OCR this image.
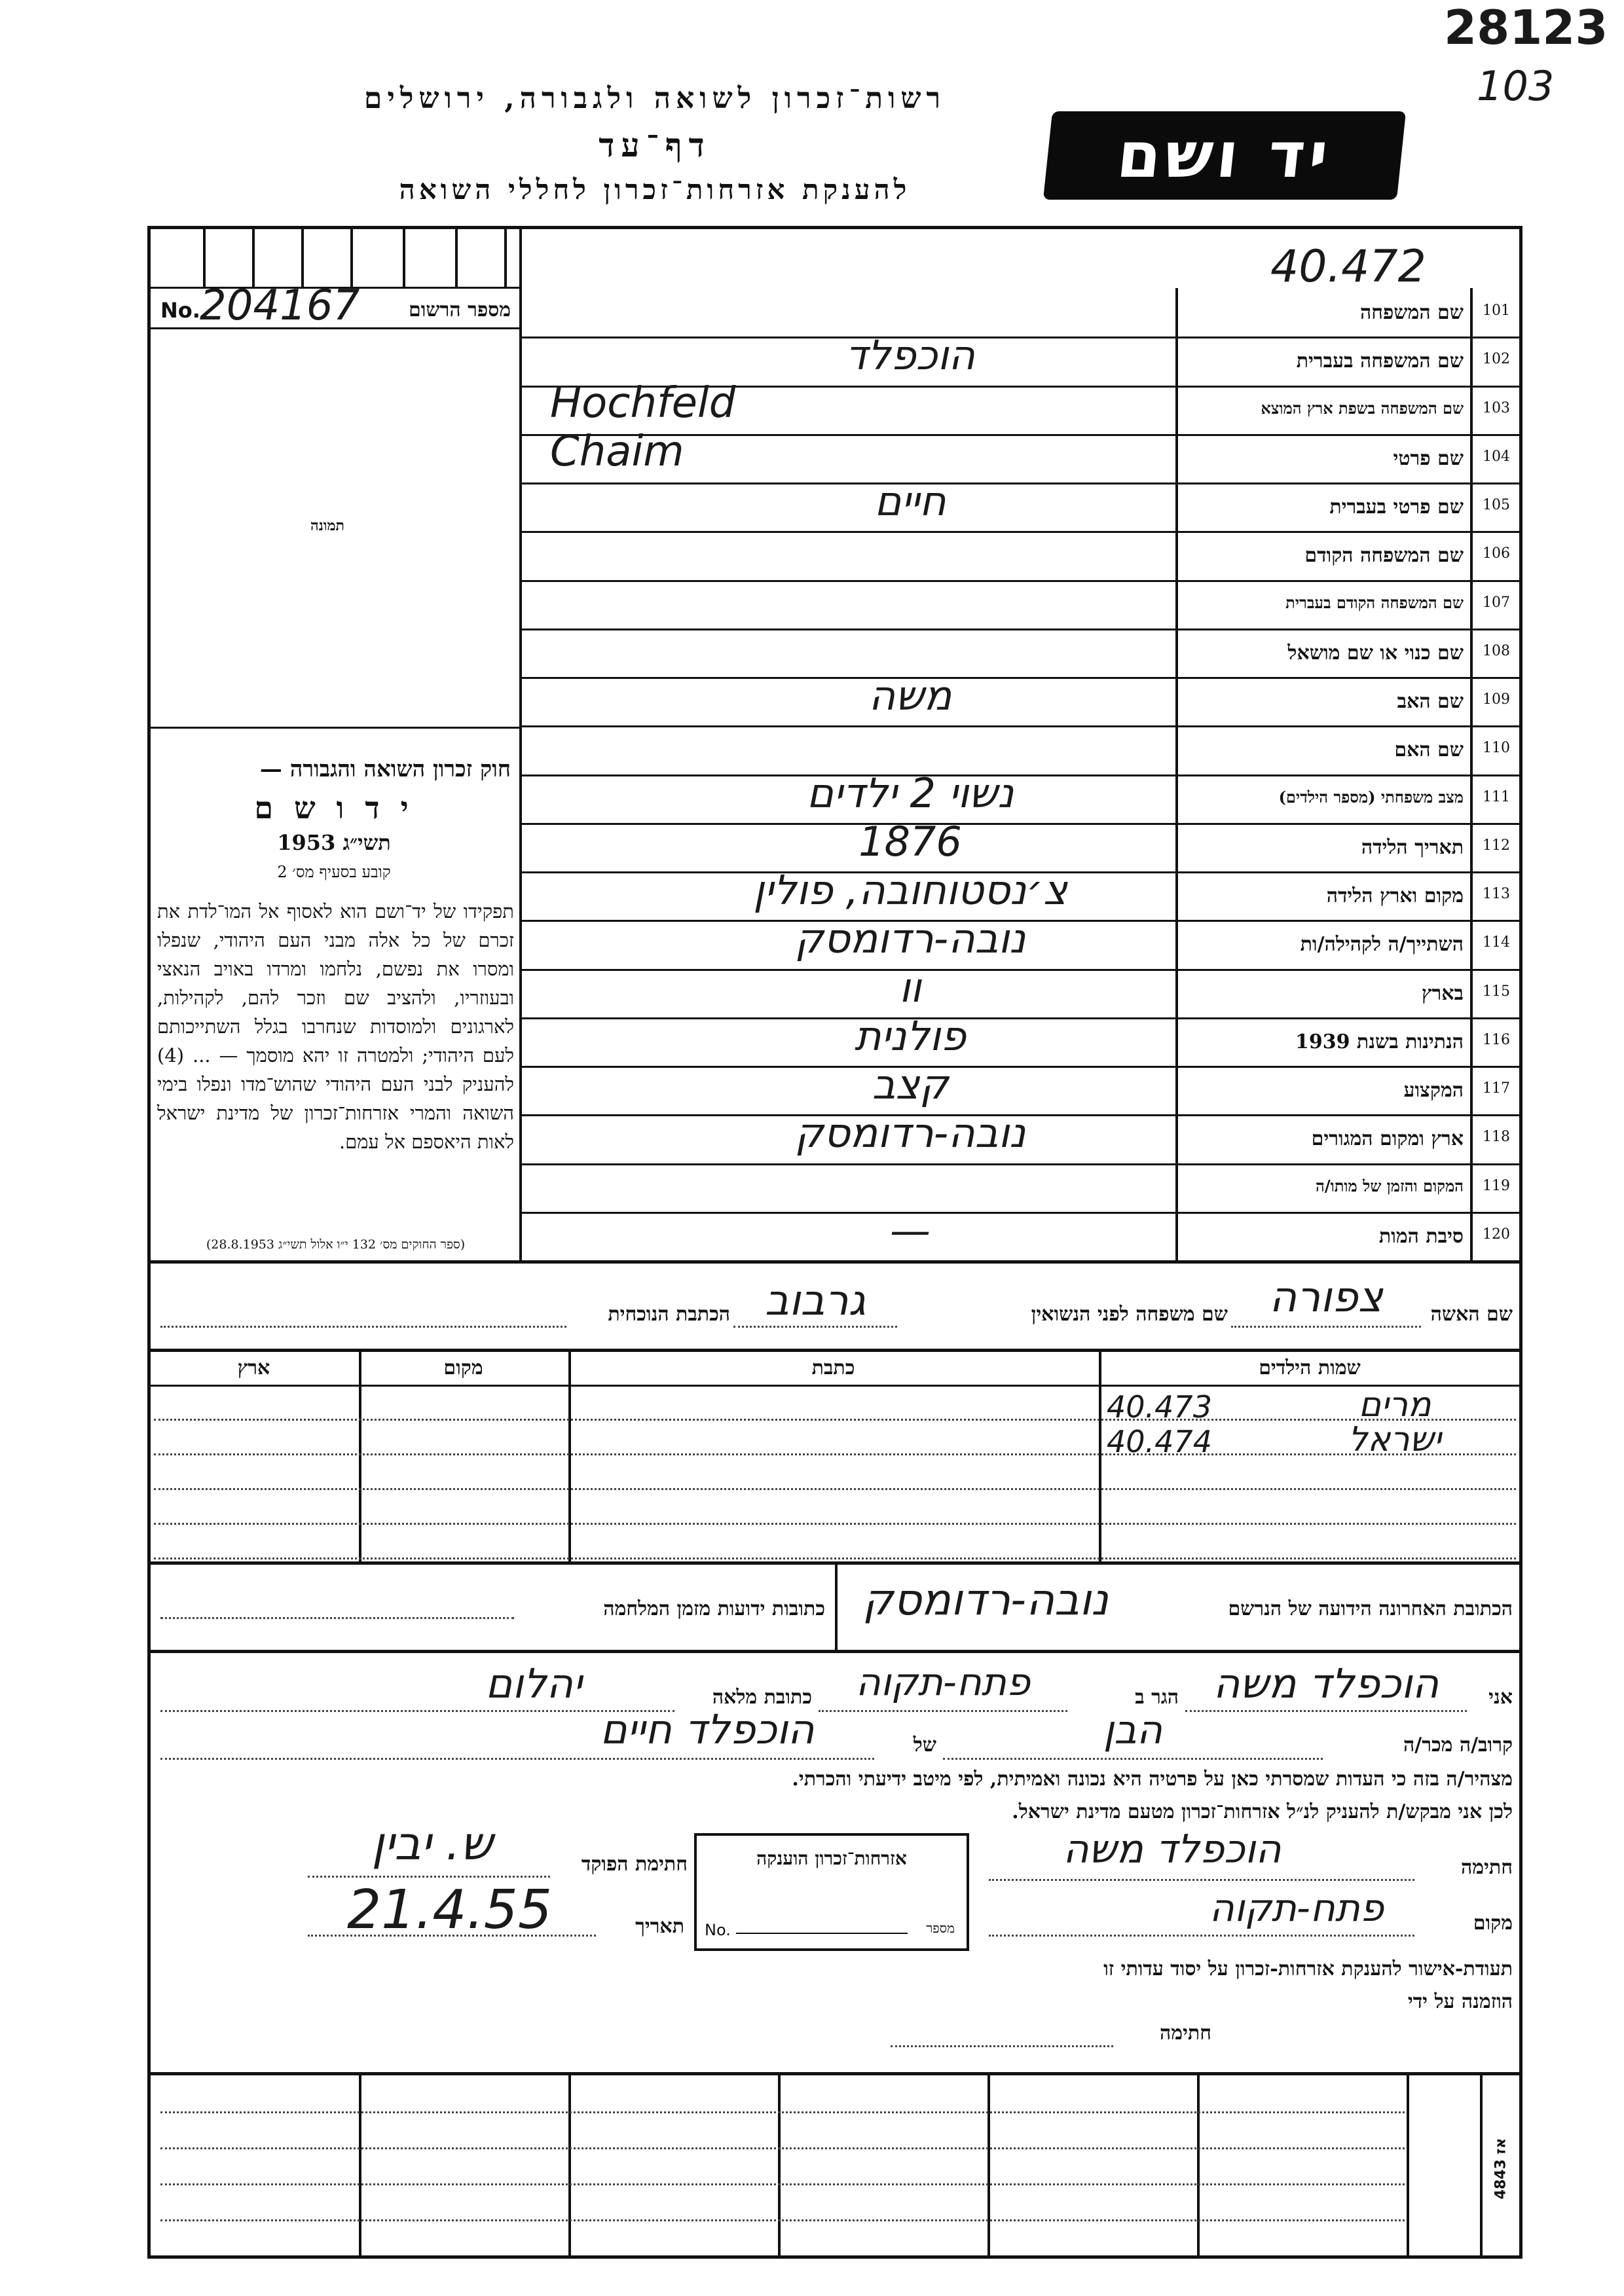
28123
103
רשות־זכרון לשואה ולגבורה, ירושלים
דף־עד
להענקת אזרחות־זכרון לחללי השואה	יד ושם
40.472
No. 204167	מספר הרשום
תמונה
חוק זכרון השואה והגבורה —
י ד ו ש ם
תשי״ג 1953
קובע בסעיף מס׳ 2
תפקידו של יד־ושם הוא לאסוף אל המו־לדת את זכרם של כל אלה מבני העם היהודי, שנפלו ומסרו את נפשם, נלחמו ומרדו באויב הנאצי ובעוזריו, ולהציב שם וזכר להם, לקהילות, לארגונים ולמוסדות שנחרבו בגלל השתייכותם לעם היהודי; ולמטרה זו יהא מוסמך — ... (4) להעניק לבני העם היהודי שהוש־מדו ונפלו בימי השואה והמרי אזרחות־זכרון של מדינת ישראל לאות היאספם אל עמם.
(ספר החוקים מס׳ 132 י״ו אלול תשי״ג 28.8.1953)
101
שם המשפחה
102
שם המשפחה בעברית
הוכפלד
103
שם המשפחה בשפת ארץ המוצא
Hochfeld
104
שם פרטי
Chaim
105
שם פרטי בעברית
חיים
106
שם המשפחה הקודם
107
שם המשפחה הקודם בעברית
108
שם כנוי או שם מושאל
109
שם האב
משה
110
שם האם
111
מצב משפחתי (מספר הילדים)
נשוי 2 ילדים
112
תאריך הלידה
1876
113
מקום וארץ הלידה
צ׳נסטוחובה, פולין
114
השתייך/ה לקהילה/ות
נובה-רדומסק
115
בארץ
וו
116
הנתינות בשנת 1939
פולנית
117
המקצוע
קצב
118
ארץ ומקום המגורים
נובה-רדומסק
119
המקום והזמן של מותו/ה
120
סיבת המות
—
שם האשה
צפורה
שם משפחה לפני הנשואין
גרבוב
הכתבת הנוכחית
שמות הילדים
כתבת
מקום
ארץ
מרים
40.473
ישראל
40.474
הכתובת האחרונה הידועה של הנרשם
נובה-רדומסק
כתובות ידועות מזמן המלחמה
אני
הוכפלד משה
הגר ב
פתח-תקוה
כתובת מלאה
יהלום
קרוב/ה מכר/ה
הבן
של
הוכפלד חיים
מצהיר/ה בזה כי העדות שמסרתי כאן על פרטיה היא נכונה ואמיתית, לפי מיטב ידיעתי והכרתי.
לכן אני מבקש/ת להעניק לנ״ל אזרחות־זכרון מטעם מדינת ישראל.
חתימה
הוכפלד משה
מקום
פתח-תקוה
אזרחות־זכרון הוענקה
מספר
No.
חתימת הפוקד
ש. יבין
תאריך
21.4.55
תעודת-אישור להענקת אזרחות-זכרון על יסוד עדותי זו
הוזמנה על ידי
חתימה
אז 4843
